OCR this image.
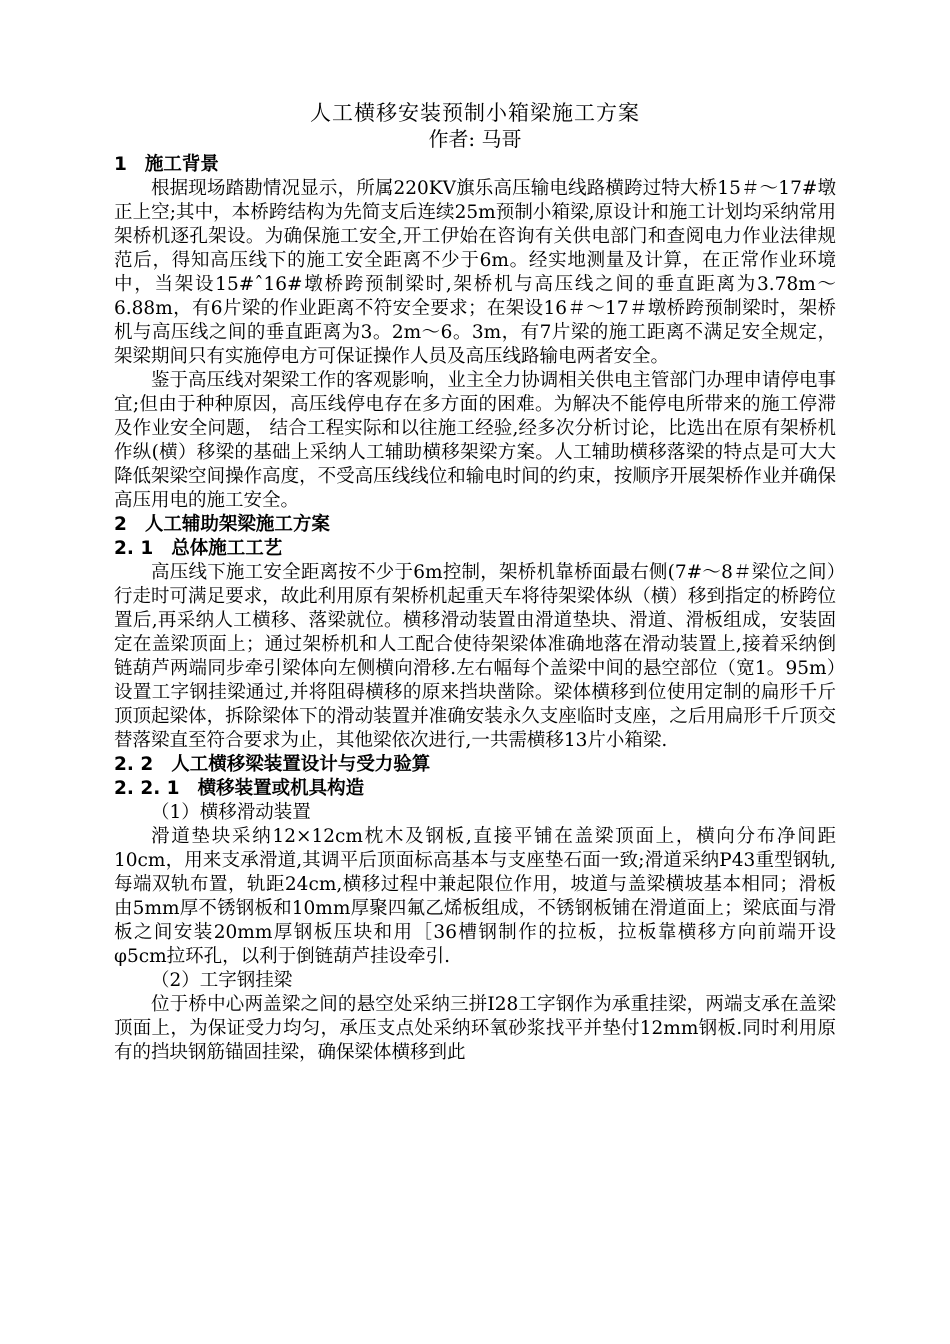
人工横移安装预制小箱梁施工方案
作者: 马哥
1 施工背景

根据现场踏勘情况显示，所属220KV旗乐高压输电线路横跨过特大桥15＃～17#墩正上空;其中，本桥跨结构为先简支后连续25m预制小箱梁,原设计和施工计划均采纳常用架桥机逐孔架设。为确保施工安全,开工伊始在咨询有关供电部门和查阅电力作业法律规范后，得知高压线下的施工安全距离不少于6m。经实地测量及计算，在正常作业环境中，当架设15#ˆ16#墩桥跨预制梁时,架桥机与高压线之间的垂直距离为3.78m～6.88m，有6片梁的作业距离不符安全要求；在架设16＃～17＃墩桥跨预制梁时，架桥机与高压线之间的垂直距离为3。2m～6。3m，有7片梁的施工距离不满足安全规定，架梁期间只有实施停电方可保证操作人员及高压线路输电两者安全。

鉴于高压线对架梁工作的客观影响，业主全力协调相关供电主管部门办理申请停电事宜;但由于种种原因，高压线停电存在多方面的困难。为解决不能停电所带来的施工停滞及作业安全问题， 结合工程实际和以往施工经验,经多次分析讨论，比选出在原有架桥机作纵(横）移梁的基础上采纳人工辅助横移架梁方案。人工辅助横移落梁的特点是可大大降低架梁空间操作高度，不受高压线线位和输电时间的约束，按顺序开展架桥作业并确保高压用电的施工安全。

2 人工辅助架梁施工方案
2. 1 总体施工工艺

高压线下施工安全距离按不少于6m控制，架桥机靠桥面最右侧(7#～8＃梁位之间）行走时可满足要求，故此利用原有架桥机起重天车将待架梁体纵（横）移到指定的桥跨位置后,再采纳人工横移、落梁就位。横移滑动装置由滑道垫块、滑道、滑板组成，安装固定在盖梁顶面上；通过架桥机和人工配合使待架梁体准确地落在滑动装置上,接着采纳倒链葫芦两端同步牵引梁体向左侧横向滑移.左右幅每个盖梁中间的悬空部位（宽1。95m）设置工字钢挂梁通过,并将阻碍横移的原来挡块凿除。梁体横移到位使用定制的扁形千斤顶顶起梁体，拆除梁体下的滑动装置并准确安装永久支座临时支座，之后用扁形千斤顶交替落梁直至符合要求为止，其他梁依次进行,一共需横移13片小箱梁.

2. 2 人工横移梁装置设计与受力验算
2. 2. 1 横移装置或机具构造
（1）横移滑动装置

滑道垫块采纳12×12cm枕木及钢板,直接平铺在盖梁顶面上，横向分布净间距10cm，用来支承滑道,其调平后顶面标高基本与支座垫石面一致;滑道采纳P43重型钢轨,每端双轨布置，轨距24cm,横移过程中兼起限位作用，坡道与盖梁横坡基本相同；滑板由5mm厚不锈钢板和10mm厚聚四氟乙烯板组成，不锈钢板铺在滑道面上；梁底面与滑板之间安装20mm厚钢板压块和用［36槽钢制作的拉板，拉板靠横移方向前端开设φ5cm拉环孔，以利于倒链葫芦挂设牵引.

（2）工字钢挂梁

位于桥中心两盖梁之间的悬空处采纳三拼I28工字钢作为承重挂梁，两端支承在盖梁顶面上，为保证受力均匀，承压支点处采纳环氧砂浆找平并垫付12mm钢板.同时利用原有的挡块钢筋锚固挂梁，确保梁体横移到此
